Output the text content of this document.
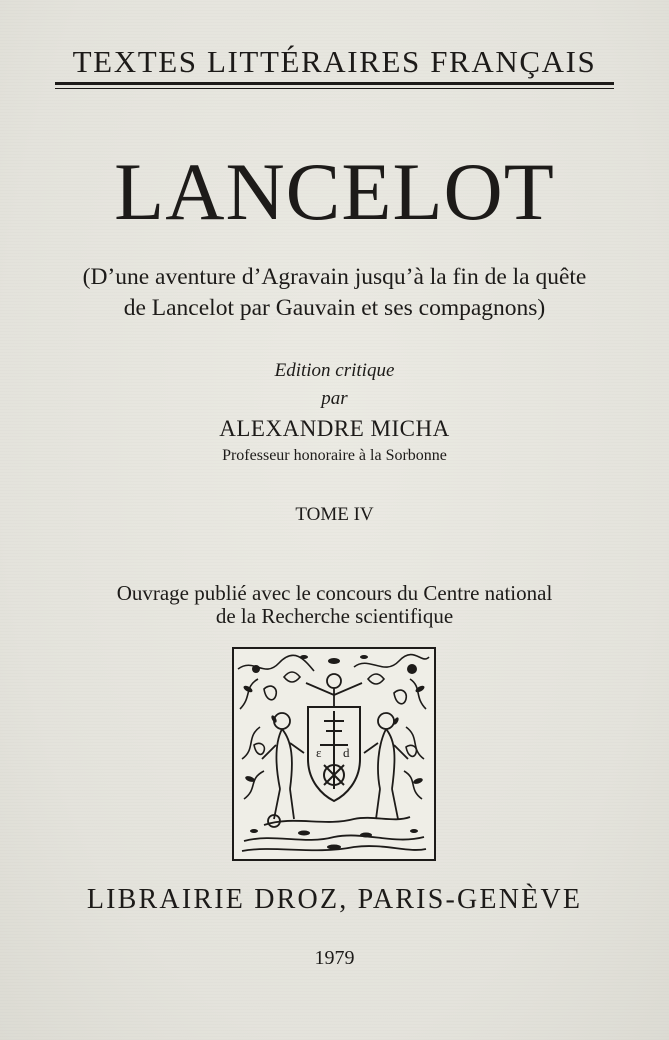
TEXTES LITTÉRAIRES FRANÇAIS
LANCELOT
(D’une aventure d’Agravain jusqu’à la fin de la quête
de Lancelot par Gauvain et ses compagnons)
Edition critique
par
ALEXANDRE MICHA
Professeur honoraire à la Sorbonne
TOME IV
Ouvrage publié avec le concours du Centre national
de la Recherche scientifique
ɛ d
LIBRAIRIE DROZ, PARIS-GENÈVE
1979
